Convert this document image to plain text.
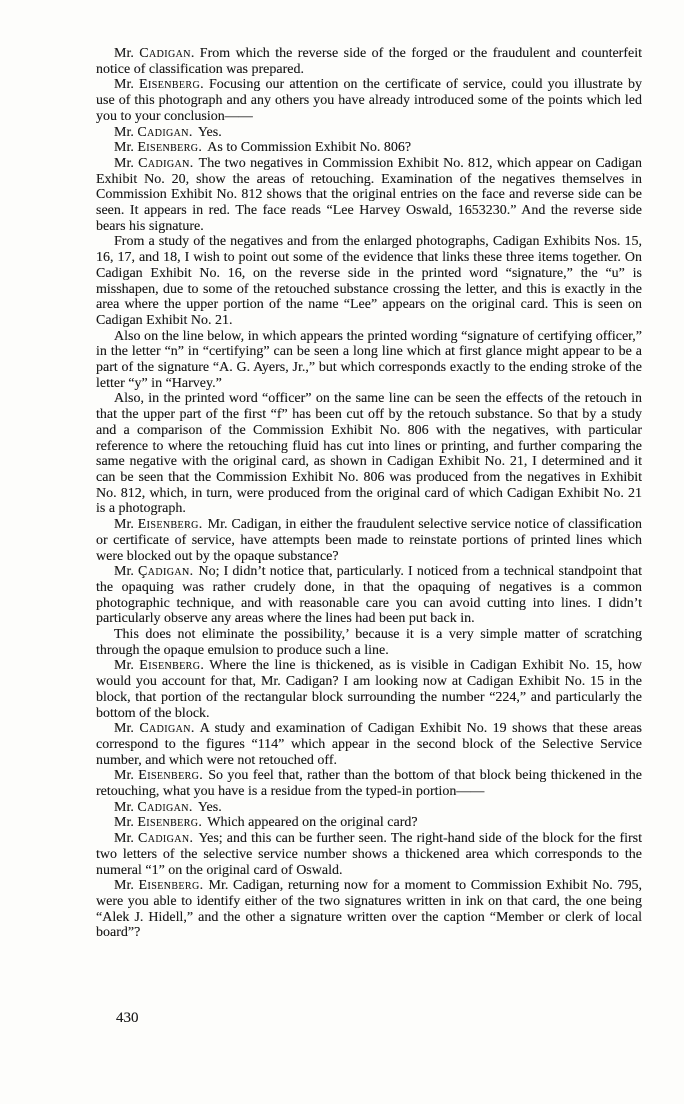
Mr. Cadigan. From which the reverse side of the forged or the fraudulent and counterfeit notice of classification was prepared.

Mr. Eisenberg. Focusing our attention on the certificate of service, could you illustrate by use of this photograph and any others you have already introduced some of the points which led you to your conclusion——

Mr. Cadigan. Yes.

Mr. Eisenberg. As to Commission Exhibit No. 806?

Mr. Cadigan. The two negatives in Commission Exhibit No. 812, which appear on Cadigan Exhibit No. 20, show the areas of retouching. Examination of the negatives themselves in Commission Exhibit No. 812 shows that the original entries on the face and reverse side can be seen. It appears in red. The face reads “Lee Harvey Oswald, 1653230.” And the reverse side bears his signature.

From a study of the negatives and from the enlarged photographs, Cadigan Exhibits Nos. 15, 16, 17, and 18, I wish to point out some of the evidence that links these three items together. On Cadigan Exhibit No. 16, on the reverse side in the printed word “signature,” the “u” is misshapen, due to some of the retouched substance crossing the letter, and this is exactly in the area where the upper portion of the name “Lee” appears on the original card. This is seen on Cadigan Exhibit No. 21.

Also on the line below, in which appears the printed wording “signature of certifying officer,” in the letter “n” in “certifying” can be seen a long line which at first glance might appear to be a part of the signature “A. G. Ayers, Jr.,” but which corresponds exactly to the ending stroke of the letter “y” in “Harvey.”

Also, in the printed word “officer” on the same line can be seen the effects of the retouch in that the upper part of the first “f” has been cut off by the retouch substance. So that by a study and a comparison of the Commission Exhibit No. 806 with the negatives, with particular reference to where the retouching fluid has cut into lines or printing, and further comparing the same negative with the original card, as shown in Cadigan Exhibit No. 21, I determined and it can be seen that the Commission Exhibit No. 806 was produced from the negatives in Exhibit No. 812, which, in turn, were produced from the original card of which Cadigan Exhibit No. 21 is a photograph.

Mr. Eisenberg. Mr. Cadigan, in either the fraudulent selective service notice of classification or certificate of service, have attempts been made to reinstate portions of printed lines which were blocked out by the opaque substance?

Mr. Çadigan. No; I didn’t notice that, particularly. I noticed from a technical standpoint that the opaquing was rather crudely done, in that the opaquing of negatives is a common photographic technique, and with reasonable care you can avoid cutting into lines. I didn’t particularly observe any areas where the lines had been put back in.

This does not eliminate the possibility,’ because it is a very simple matter of scratching through the opaque emulsion to produce such a line.

Mr. Eisenberg. Where the line is thickened, as is visible in Cadigan Exhibit No. 15, how would you account for that, Mr. Cadigan? I am looking now at Cadigan Exhibit No. 15 in the block, that portion of the rectangular block surrounding the number “224,” and particularly the bottom of the block.

Mr. Cadigan. A study and examination of Cadigan Exhibit No. 19 shows that these areas correspond to the figures “114” which appear in the second block of the Selective Service number, and which were not retouched off.

Mr. Eisenberg. So you feel that, rather than the bottom of that block being thickened in the retouching, what you have is a residue from the typed-in portion——

Mr. Cadigan. Yes.

Mr. Eisenberg. Which appeared on the original card?

Mr. Cadigan. Yes; and this can be further seen. The right-hand side of the block for the first two letters of the selective service number shows a thickened area which corresponds to the numeral “1” on the original card of Oswald.

Mr. Eisenberg. Mr. Cadigan, returning now for a moment to Commission Exhibit No. 795, were you able to identify either of the two signatures written in ink on that card, the one being “Alek J. Hidell,” and the other a signature written over the caption “Member or clerk of local board”?

430
